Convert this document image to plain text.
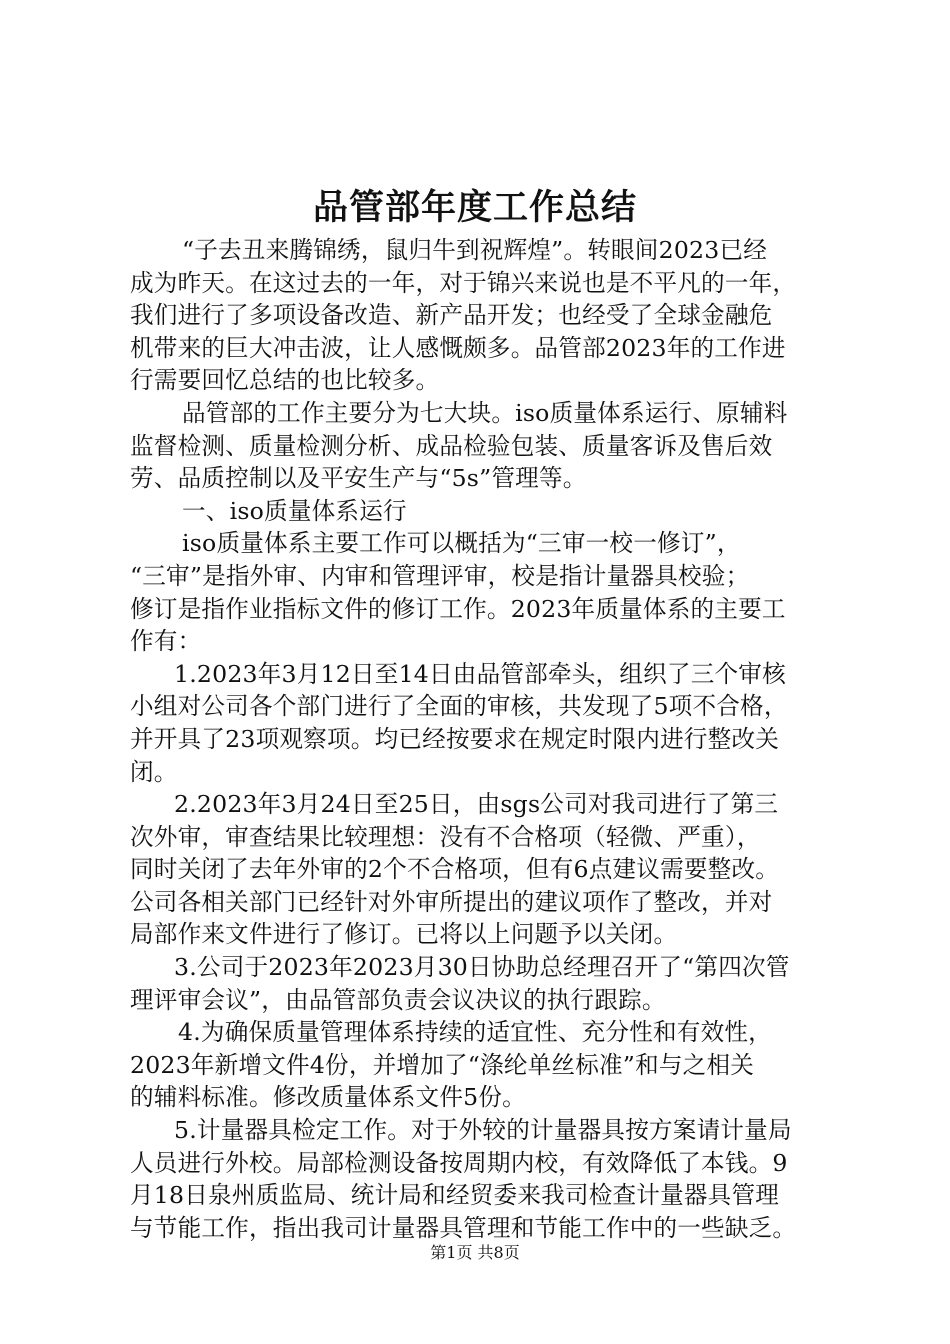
品管部年度工作总结
“子去丑来腾锦绣，鼠归牛到祝辉煌”。转眼间2023已经
成为昨天。在这过去的一年，对于锦兴来说也是不平凡的一年，
我们进行了多项设备改造、新产品开发；也经受了全球金融危
机带来的巨大冲击波，让人感慨颇多。品管部2023年的工作进
行需要回忆总结的也比较多。
品管部的工作主要分为七大块。iso质量体系运行、原辅料
监督检测、质量检测分析、成品检验包装、质量客诉及售后效
劳、品质控制以及平安生产与“5s”管理等。
一、iso质量体系运行
iso质量体系主要工作可以概括为“三审一校一修订”，
“三审”是指外审、内审和管理评审，校是指计量器具校验；
修订是指作业指标文件的修订工作。2023年质量体系的主要工
作有：
1.2023年3月12日至14日由品管部牵头，组织了三个审核
小组对公司各个部门进行了全面的审核，共发现了5项不合格，
并开具了23项观察项。均已经按要求在规定时限内进行整改关
闭。
2.2023年3月24日至25日，由sgs公司对我司进行了第三
次外审，审查结果比较理想：没有不合格项（轻微、严重），
同时关闭了去年外审的2个不合格项，但有6点建议需要整改。
公司各相关部门已经针对外审所提出的建议项作了整改，并对
局部作来文件进行了修订。已将以上问题予以关闭。
3.公司于2023年2023月30日协助总经理召开了“第四次管
理评审会议”，由品管部负责会议决议的执行跟踪。
4.为确保质量管理体系持续的适宜性、充分性和有效性，
2023年新增文件4份，并增加了“涤纶单丝标准”和与之相关
的辅料标准。修改质量体系文件5份。
5.计量器具检定工作。对于外较的计量器具按方案请计量局
人员进行外校。局部检测设备按周期内校，有效降低了本钱。9
月18日泉州质监局、统计局和经贸委来我司检查计量器具管理
与节能工作，指出我司计量器具管理和节能工作中的一些缺乏。
第1页 共8页
